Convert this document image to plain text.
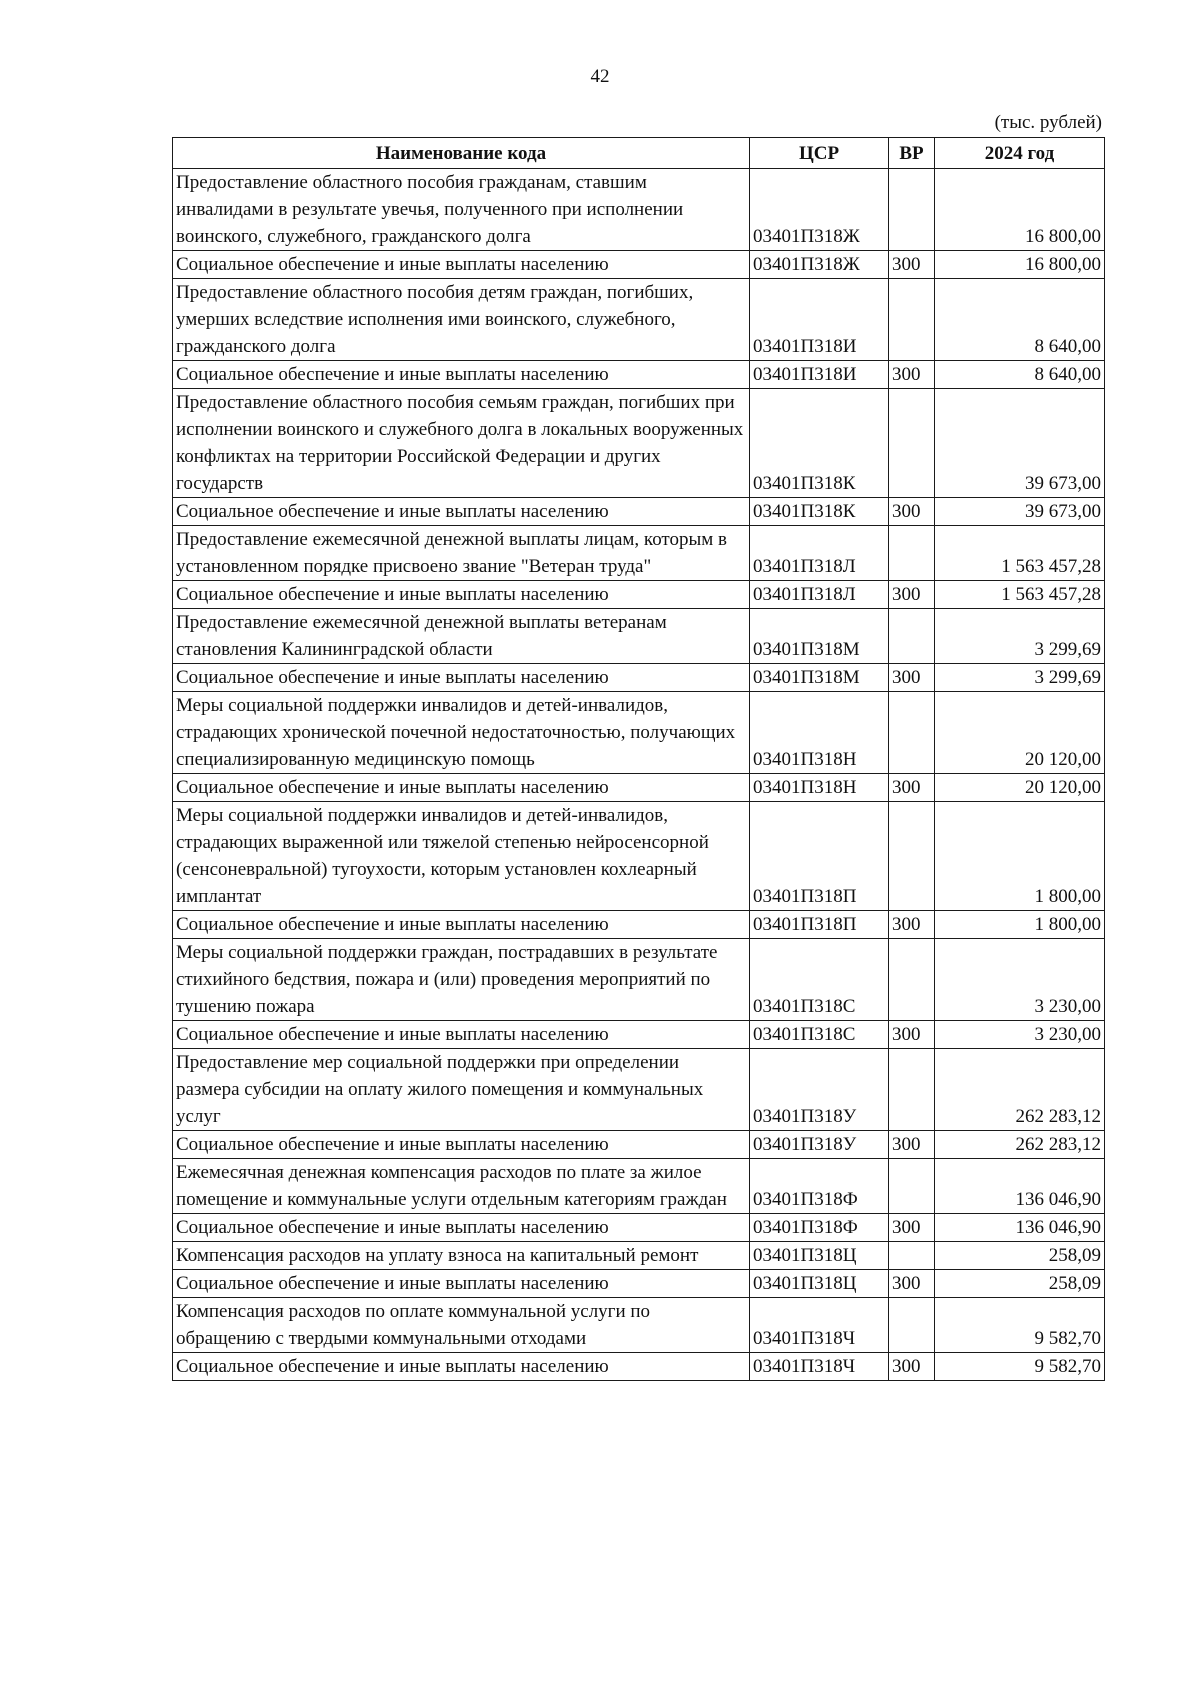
42
(тыс. рублей)
Наименование кода	ЦСР	ВР	2024 год
Предоставление областного пособия гражданам, ставшим инвалидами в результате увечья, полученного при исполнении воинского, служебного, гражданского долга	03401П318Ж		16 800,00
Социальное обеспечение и иные выплаты населению	03401П318Ж	300	16 800,00
Предоставление областного пособия детям граждан, погибших, умерших вследствие исполнения ими воинского, служебного, гражданского долга	03401П318И		8 640,00
Социальное обеспечение и иные выплаты населению	03401П318И	300	8 640,00
Предоставление областного пособия семьям граждан, погибших при исполнении воинского и служебного долга в локальных вооруженных конфликтах на территории Российской Федерации и других государств	03401П318К		39 673,00
Социальное обеспечение и иные выплаты населению	03401П318К	300	39 673,00
Предоставление ежемесячной денежной выплаты лицам, которым в установленном порядке присвоено звание "Ветеран труда"	03401П318Л		1 563 457,28
Социальное обеспечение и иные выплаты населению	03401П318Л	300	1 563 457,28
Предоставление ежемесячной денежной выплаты ветеранам становления Калининградской области	03401П318М		3 299,69
Социальное обеспечение и иные выплаты населению	03401П318М	300	3 299,69
Меры социальной поддержки инвалидов и детей-инвалидов, страдающих хронической почечной недостаточностью, получающих специализированную медицинскую помощь	03401П318Н		20 120,00
Социальное обеспечение и иные выплаты населению	03401П318Н	300	20 120,00
Меры социальной поддержки инвалидов и детей-инвалидов, страдающих выраженной или тяжелой степенью нейросенсорной (сенсоневральной) тугоухости, которым установлен кохлеарный имплантат	03401П318П		1 800,00
Социальное обеспечение и иные выплаты населению	03401П318П	300	1 800,00
Меры социальной поддержки граждан, пострадавших в результате стихийного бедствия, пожара и (или) проведения мероприятий по тушению пожара	03401П318С		3 230,00
Социальное обеспечение и иные выплаты населению	03401П318С	300	3 230,00
Предоставление мер социальной поддержки при определении размера субсидии на оплату жилого помещения и коммунальных услуг	03401П318У		262 283,12
Социальное обеспечение и иные выплаты населению	03401П318У	300	262 283,12
Ежемесячная денежная компенсация расходов по плате за жилое помещение и коммунальные услуги отдельным категориям граждан	03401П318Ф		136 046,90
Социальное обеспечение и иные выплаты населению	03401П318Ф	300	136 046,90
Компенсация расходов на уплату взноса на капитальный ремонт	03401П318Ц		258,09
Социальное обеспечение и иные выплаты населению	03401П318Ц	300	258,09
Компенсация расходов по оплате коммунальной услуги по обращению с твердыми коммунальными отходами	03401П318Ч		9 582,70
Социальное обеспечение и иные выплаты населению	03401П318Ч	300	9 582,70
